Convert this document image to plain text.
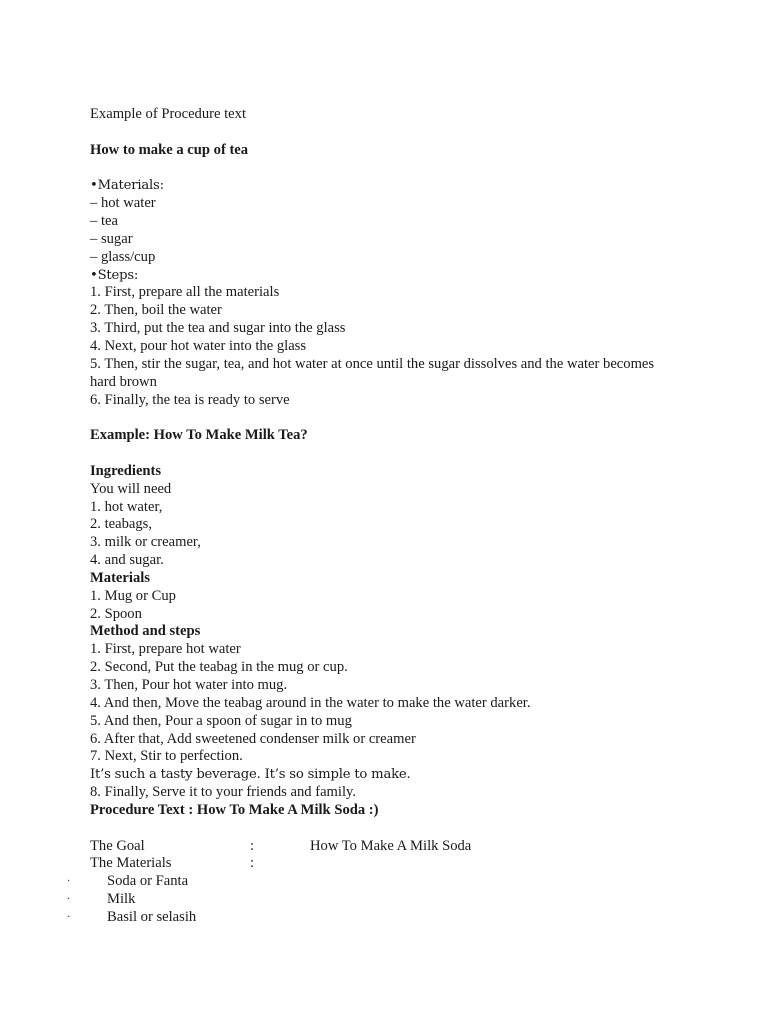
Example of Procedure text
How to make a cup of tea
•Materials:
– hot water
– tea
– sugar
– glass/cup
•Steps:
1. First, prepare all the materials
2. Then, boil the water
3. Third, put the tea and sugar into the glass
4. Next, pour hot water into the glass
5. Then, stir the sugar, tea, and hot water at once until the sugar dissolves and the water becomes hard brown
6. Finally, the tea is ready to serve
Example: How To Make Milk Tea?
Ingredients
You will need
1. hot water,
2. teabags,
3. milk or creamer,
4. and sugar.
Materials
1. Mug or Cup
2. Spoon
Method and steps
1. First, prepare hot water
2. Second, Put the teabag in the mug or cup.
3. Then, Pour hot water into mug.
4. And then, Move the teabag around in the water to make the water darker.
5. And then, Pour a spoon of sugar in to mug
6. After that, Add sweetened condenser milk or creamer
7. Next, Stir to perfection.
It’s such a tasty beverage. It’s so simple to make.
8. Finally, Serve it to your friends and family.
Procedure Text : How To Make A Milk Soda :)
The Goal	:	How To Make A Milk Soda
The Materials	:
·	Soda or Fanta
·	Milk
·	Basil or selasih
